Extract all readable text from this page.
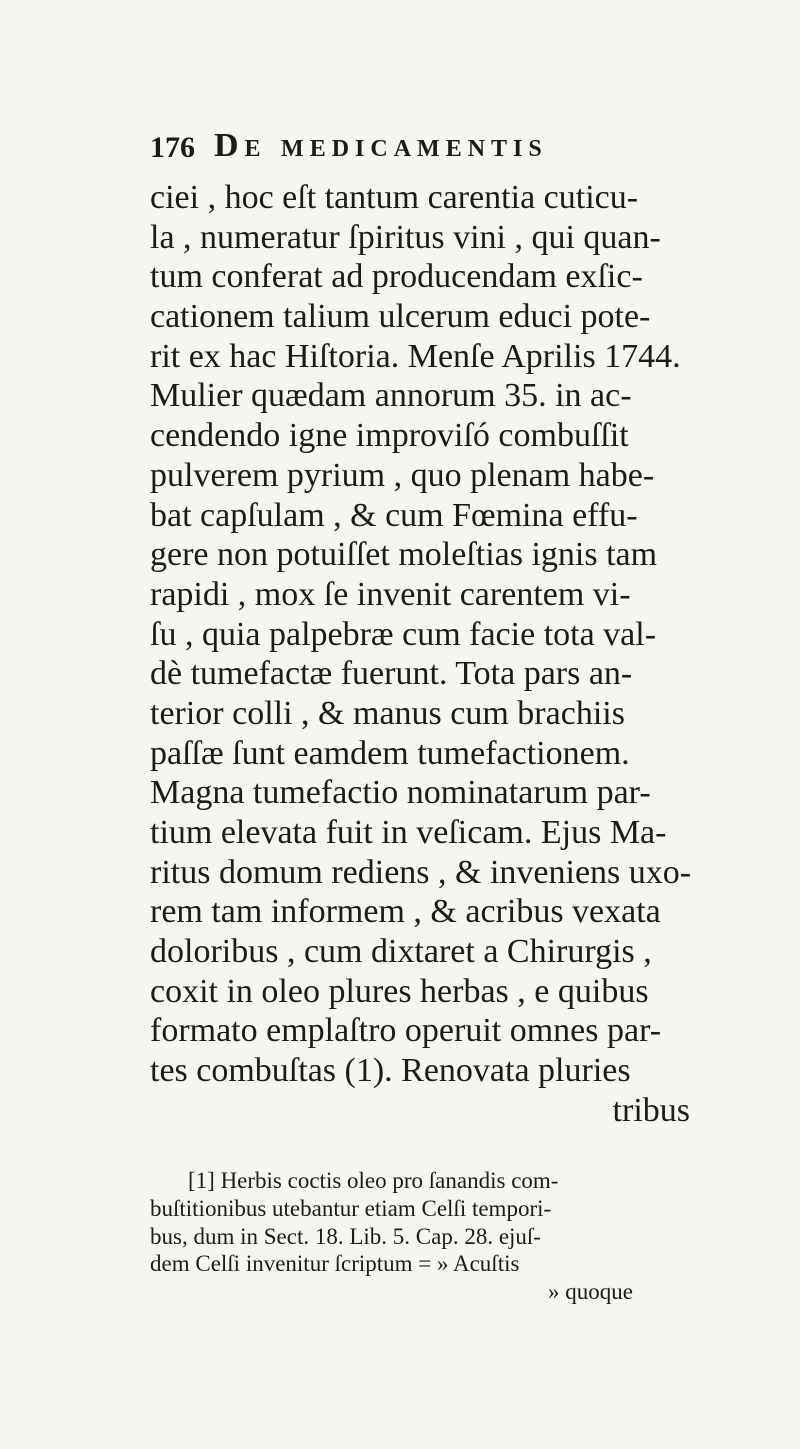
176 De medicamentis
ciei , hoc eſt tantum carentia cuticu-
la , numeratur ſpiritus vini , qui quan-
tum conferat ad producendam exſic-
cationem talium ulcerum educi pote-
rit ex hac Hiſtoria. Menſe Aprilis 1744.
Mulier quædam annorum 35. in ac-
cendendo igne improviſó combuſſit
pulverem pyrium , quo plenam habe-
bat capſulam , & cum Fœmina effu-
gere non potuiſſet moleſtias ignis tam
rapidi , mox ſe invenit carentem vi-
ſu , quia palpebræ cum facie tota val-
dè tumefactæ fuerunt. Tota pars an-
terior colli , & manus cum brachiis
paſſæ ſunt eamdem tumefactionem.
Magna tumefactio nominatarum par-
tium elevata fuit in veſicam. Ejus Ma-
ritus domum rediens , & inveniens uxo-
rem tam informem , & acribus vexata
doloribus , cum dixtaret a Chirurgis ,
coxit in oleo plures herbas , e quibus
formato emplaſtro operuit omnes par-
tes combuſtas (1). Renovata pluries
tribus
[1] Herbis coctis oleo pro ſanandis com-
buſtitionibus utebantur etiam Celſi tempori-
bus, dum in Sect. 18. Lib. 5. Cap. 28. ejuſ-
dem Celſi invenitur ſcriptum = » Acuſtis
» quoque
